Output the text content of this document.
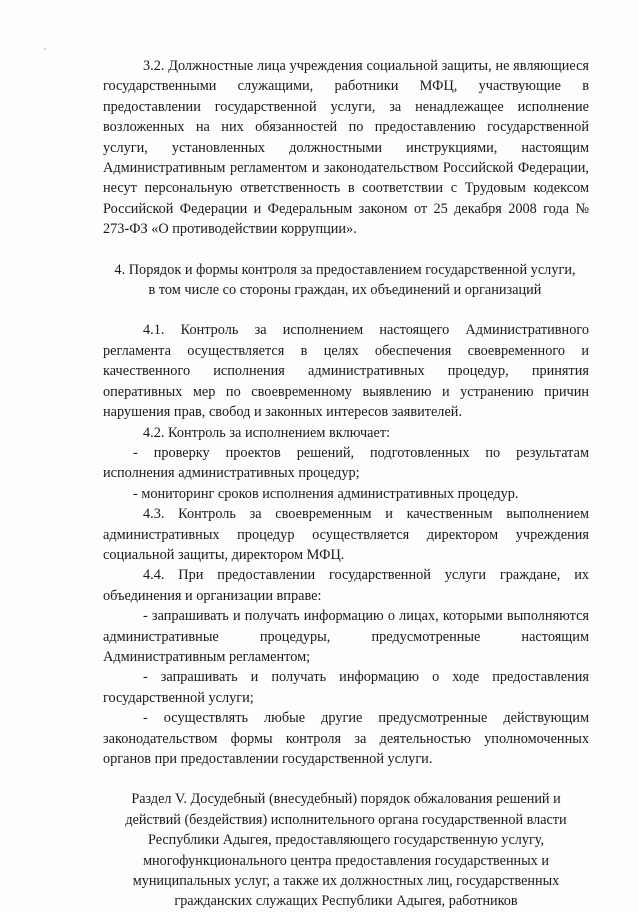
3.2. Должностные лица учреждения социальной защиты, не являющиеся государственными служащими, работники МФЦ, участвующие в предоставлении государственной услуги, за ненадлежащее исполнение возложенных на них обязанностей по предоставлению государственной услуги, установленных должностными инструкциями, настоящим Административным регламентом и законодательством Российской Федерации, несут персональную ответственность в соответствии с Трудовым кодексом Российской Федерации и Федеральным законом от 25 декабря 2008 года № 273-ФЗ «О противодействии коррупции».

4. Порядок и формы контроля за предоставлением государственной услуги,
в том числе со стороны граждан, их объединений и организаций

4.1. Контроль за исполнением настоящего Административного регламента осуществляется в целях обеспечения своевременного и качественного исполнения административных процедур, принятия оперативных мер по своевременному выявлению и устранению причин нарушения прав, свобод и законных интересов заявителей.

4.2. Контроль за исполнением включает:

- проверку проектов решений, подготовленных по результатам исполнения административных процедур;

- мониторинг сроков исполнения административных процедур.

4.3. Контроль за своевременным и качественным выполнением административных процедур осуществляется директором учреждения социальной защиты, директором МФЦ.

4.4. При предоставлении государственной услуги граждане, их объединения и организации вправе:

- запрашивать и получать информацию о лицах, которыми выполняются административные процедуры, предусмотренные настоящим Административным регламентом;

- запрашивать и получать информацию о ходе предоставления государственной услуги;

- осуществлять любые другие предусмотренные действующим законодательством формы контроля за деятельностью уполномоченных органов при предоставлении государственной услуги.

Раздел V. Досудебный (внесудебный) порядок обжалования решений и
действий (бездействия) исполнительного органа государственной власти
Республики Адыгея, предоставляющего государственную услугу,
многофункционального центра предоставления государственных и
муниципальных услуг, а также их должностных лиц, государственных
гражданских служащих Республики Адыгея, работников
